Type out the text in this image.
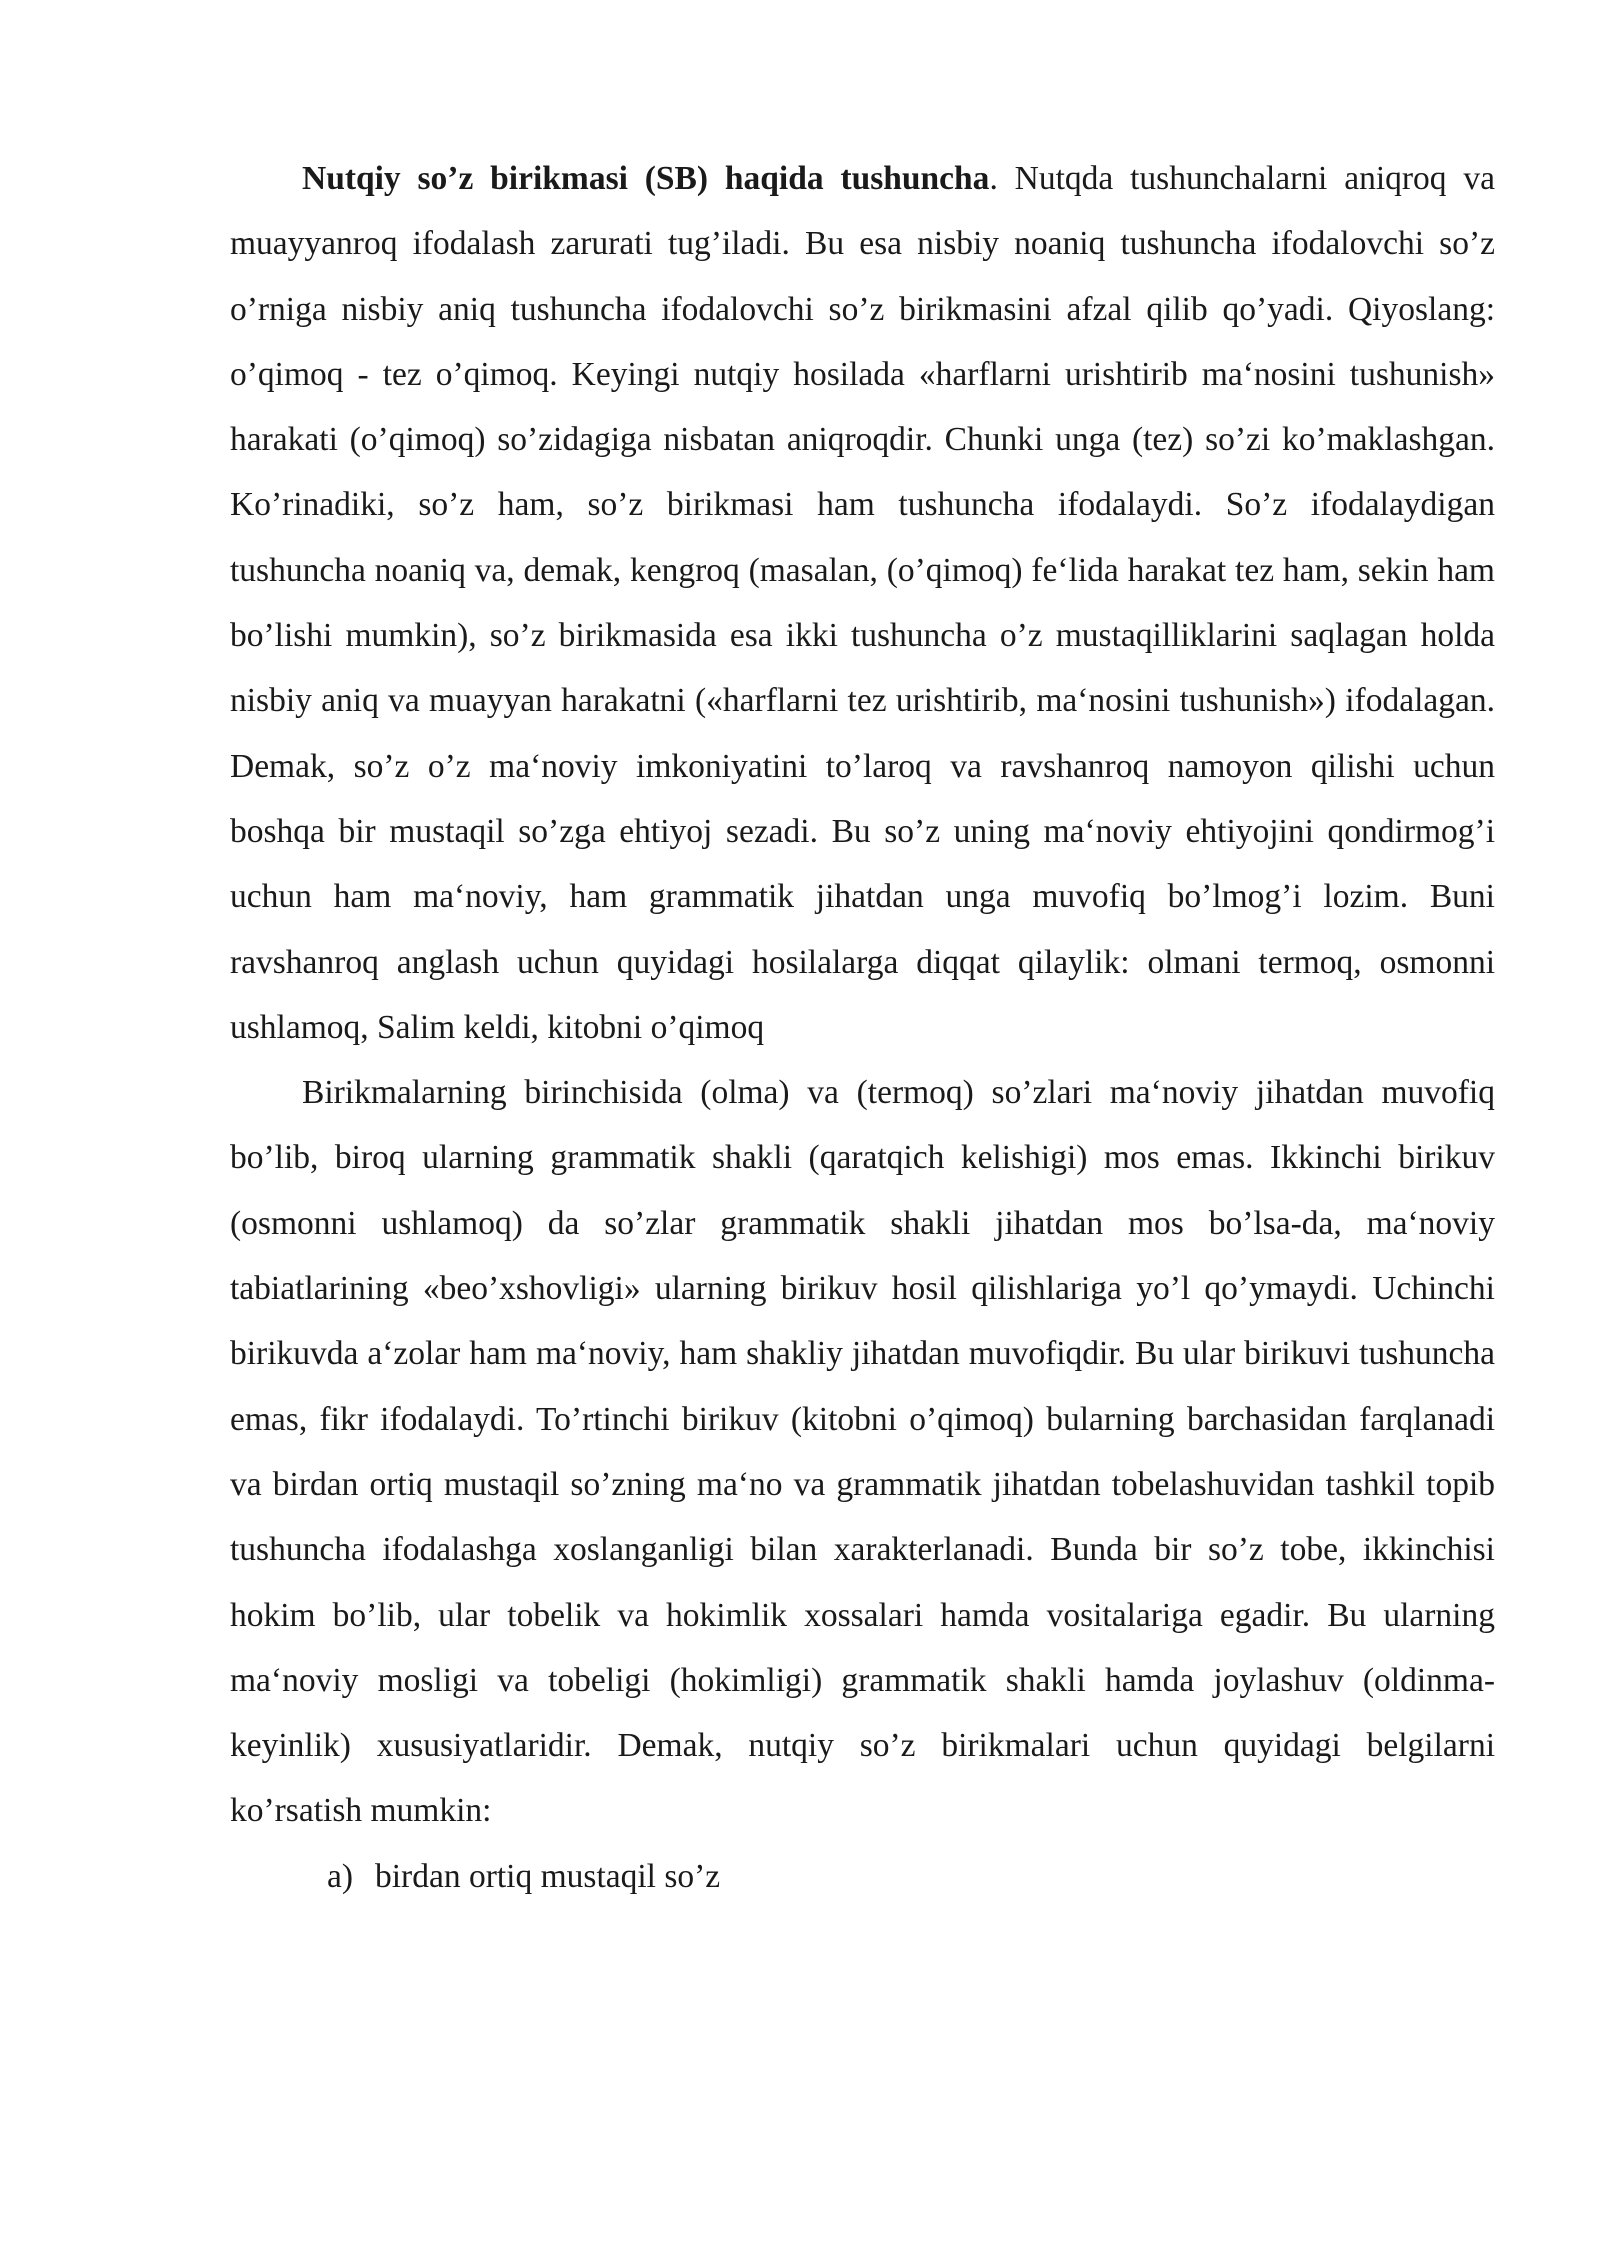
Nutqiy so’z birikmasi (SB) haqida tushuncha. Nutqda tushunchalarni aniqroq va muayyanroq ifodalash zarurati tug’iladi. Bu esa nisbiy noaniq tushuncha ifodalovchi so’z o’rniga nisbiy aniq tushuncha ifodalovchi so’z birikmasini afzal qilib qo’yadi. Qiyoslang: o’qimoq - tez o’qimoq. Keyingi nutqiy hosilada «harflarni urishtirib ma‘nosini tushunish» harakati (o’qimoq) so’zidagiga nisbatan aniqroqdir. Chunki unga (tez) so’zi ko’maklashgan. Ko’rinadiki, so’z ham, so’z birikmasi ham tushuncha ifodalaydi. So’z ifodalaydigan tushuncha noaniq va, demak, kengroq (masalan, (o’qimoq) fe‘lida harakat tez ham, sekin ham bo’lishi mumkin), so’z birikmasida esa ikki tushuncha o’z mustaqilliklarini saqlagan holda nisbiy aniq va muayyan harakatni («harflarni tez urishtirib, ma‘nosini tushunish») ifodalagan. Demak, so’z o’z ma‘noviy imkoniyatini to’laroq va ravshanroq namoyon qilishi uchun boshqa bir mustaqil so’zga ehtiyoj sezadi. Bu so’z uning ma‘noviy ehtiyojini qondirmog’i uchun ham ma‘noviy, ham grammatik jihatdan unga muvofiq bo’lmog’i lozim. Buni ravshanroq anglash uchun quyidagi hosilalarga diqqat qilaylik: olmani termoq, osmonni ushlamoq, Salim keldi, kitobni o’qimoq

Birikmalarning birinchisida (olma) va (termoq) so’zlari ma‘noviy jihatdan muvofiq bo’lib, biroq ularning grammatik shakli (qaratqich kelishigi) mos emas. Ikkinchi birikuv (osmonni ushlamoq) da so’zlar grammatik shakli jihatdan mos bo’lsa-da, ma‘noviy tabiatlarining «beo’xshovligi» ularning birikuv hosil qilishlariga yo’l qo’ymaydi. Uchinchi birikuvda a‘zolar ham ma‘noviy, ham shakliy jihatdan muvofiqdir. Bu ular birikuvi tushuncha emas, fikr ifodalaydi. To’rtinchi birikuv (kitobni o’qimoq) bularning barchasidan farqlanadi va birdan ortiq mustaqil so’zning ma‘no va grammatik jihatdan tobelashuvidan tashkil topib tushuncha ifodalashga xoslanganligi bilan xarakterlanadi. Bunda bir so’z tobe, ikkinchisi hokim bo’lib, ular tobelik va hokimlik xossalari hamda vositalariga egadir. Bu ularning ma‘noviy mosligi va tobeligi (hokimligi) grammatik shakli hamda joylashuv (oldinma-keyinlik) xususiyatlaridir. Demak, nutqiy so’z birikmalari uchun quyidagi belgilarni ko’rsatish mumkin:

a) birdan ortiq mustaqil so’z
